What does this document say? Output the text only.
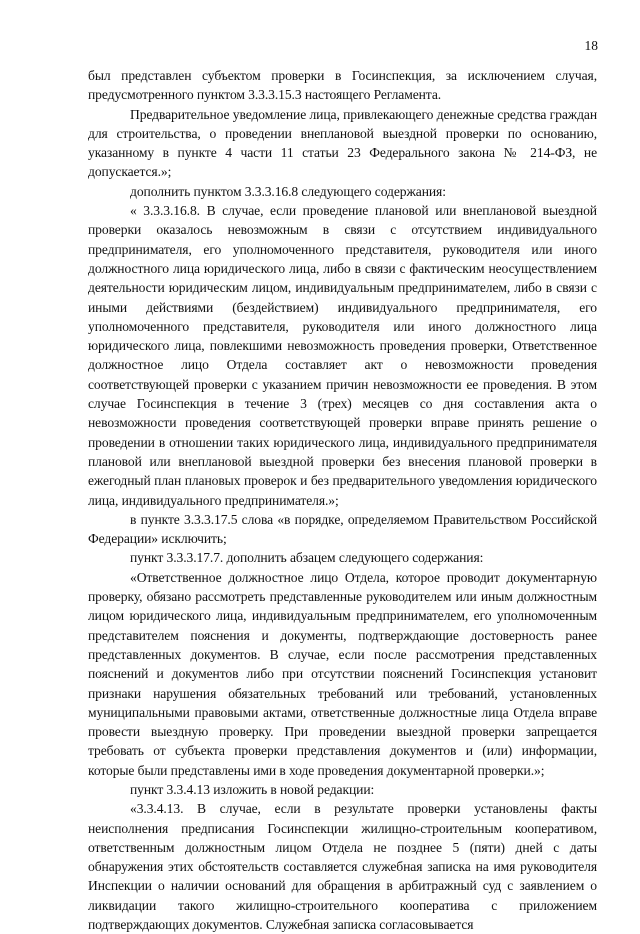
18

был представлен субъектом проверки в Госинспекция, за исключением случая, предусмотренного пунктом 3.3.3.15.3 настоящего Регламента.

Предварительное уведомление лица, привлекающего денежные средства граждан для строительства, о проведении внеплановой выездной проверки по основанию, указанному в пункте 4 части 11 статьи 23 Федерального закона № 214-ФЗ, не допускается.»;

дополнить пунктом 3.3.3.16.8 следующего содержания:

« 3.3.3.16.8. В случае, если проведение плановой или внеплановой выездной проверки оказалось невозможным в связи с отсутствием индивидуального предпринимателя, его уполномоченного представителя, руководителя или иного должностного лица юридического лица, либо в связи с фактическим неосуществлением деятельности юридическим лицом, индивидуальным предпринимателем, либо в связи с иными действиями (бездействием) индивидуального предпринимателя, его уполномоченного представителя, руководителя или иного должностного лица юридического лица, повлекшими невозможность проведения проверки, Ответственное должностное лицо Отдела составляет акт о невозможности проведения соответствующей проверки с указанием причин невозможности ее проведения. В этом случае Госинспекция в течение 3 (трех) месяцев со дня составления акта о невозможности проведения соответствующей проверки вправе принять решение о проведении в отношении таких юридического лица, индивидуального предпринимателя плановой или внеплановой выездной проверки без внесения плановой проверки в ежегодный план плановых проверок и без предварительного уведомления юридического лица, индивидуального предпринимателя.»;

в пункте 3.3.3.17.5 слова «в порядке, определяемом Правительством Российской Федерации» исключить;

пункт 3.3.3.17.7. дополнить абзацем следующего содержания:

«Ответственное должностное лицо Отдела, которое проводит документарную проверку, обязано рассмотреть представленные руководителем или иным должностным лицом юридического лица, индивидуальным предпринимателем, его уполномоченным представителем пояснения и документы, подтверждающие достоверность ранее представленных документов. В случае, если после рассмотрения представленных пояснений и документов либо при отсутствии пояснений Госинспекция установит признаки нарушения обязательных требований или требований, установленных муниципальными правовыми актами, ответственные должностные лица Отдела вправе провести выездную проверку. При проведении выездной проверки запрещается требовать от субъекта проверки представления документов и (или) информации, которые были представлены ими в ходе проведения документарной проверки.»;

пункт 3.3.4.13 изложить в новой редакции:

«3.3.4.13. В случае, если в результате проверки установлены факты неисполнения предписания Госинспекции жилищно-строительным кооперативом, ответственным должностным лицом Отдела не позднее 5 (пяти) дней с даты обнаружения этих обстоятельств составляется служебная записка на имя руководителя Инспекции о наличии оснований для обращения в арбитражный суд с заявлением о ликвидации такого жилищно-строительного кооператива с приложением подтверждающих документов. Служебная записка согласовывается
